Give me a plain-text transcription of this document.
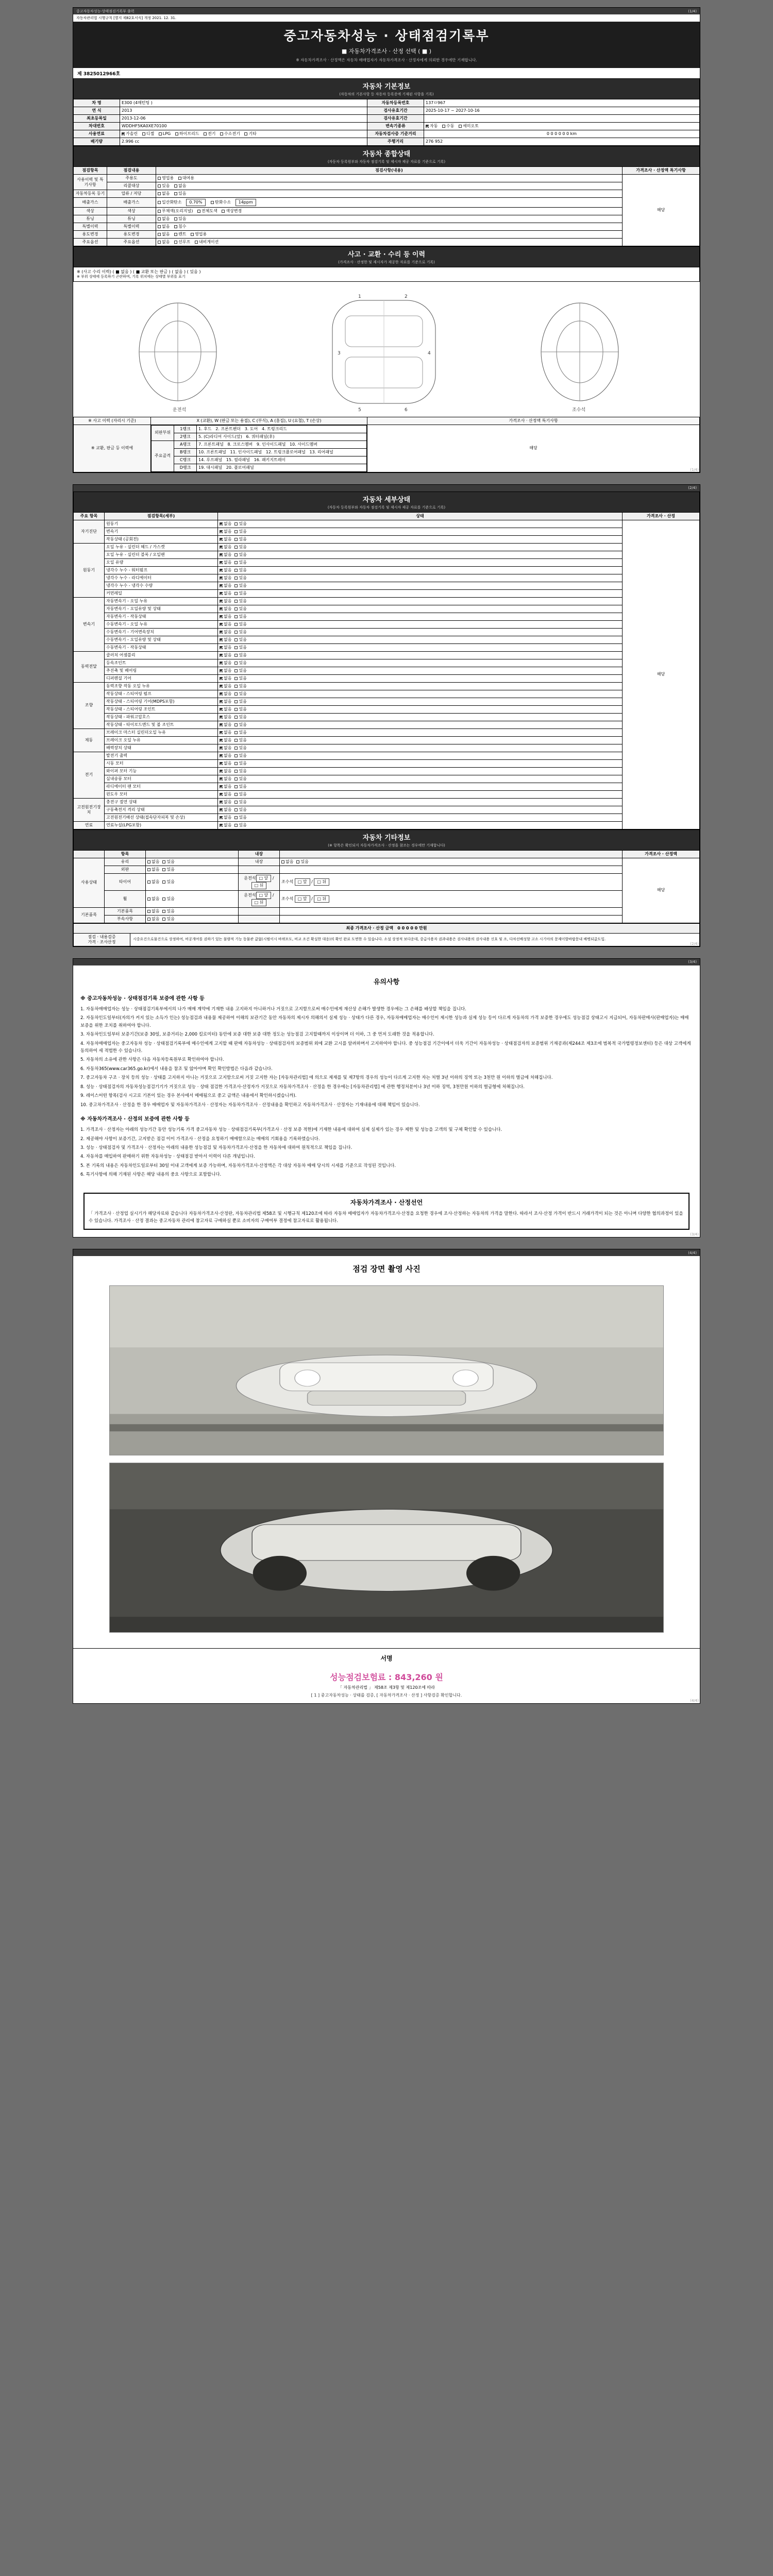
중고자동차성능·상태점검기록부 출력	(1/4)
자동차관리법 시행규칙 [별지 제82호서식] 개정 2021. 12. 31.
중고자동차성능 · 상태점검기록부
■ 자동차가격조사 · 산정 선택 ( ■ )
※ 자동차가격조사 · 산정액은 자동차 매매업자가 자동차가격조사 · 산정자에게 의뢰한 경우에만 기재합니다.
제 3825012966호
자동차 기본정보
(자동차의 기본사항 등 자동차 등록증에 기재된 사항을 기록)
차 명	E300 (4매턴팅 )	자동차등록번호	137ㅁ967
연 식	2013	검사유효기간	2025-10-17 ~ 2027-10-16
최초등록일	2013-12-06	검사유효기간	
차대번호	WDDHF5KA0XE70100	변속기종류	자동 수동 세미오토
사용연료	가솔린 디젤 LPG 하이브리드 전기 수소전기 기타	자동차검사증 기준거리	0 0 0 0 0 0 km
배기량	2.996 cc	주행거리	276 952
자동차 종합상태
(자동차 등록원부와 자동차 점검기록 및 제시자 제공 자료를 기준으로 기록)
점검항목	점검내용	점검사항(내용)	가격조사 · 산정액 특기사항
사용이력 및 특기사항	주용도	영업용 대여용	해당
	리콜대상	있음 없음	
자동차등록 등기	압류 / 저당	없음 있음	
배출가스	배출가스	일산화탄소 0.70% 탄화수소 14ppm	
색상	색상	무채색(오리지널) 전체도색 색상변경	
튜닝	튜닝	없음 있음	
특별이력	특별이력	없음 침수	
용도변경	용도변경	없음 렌트 영업용	
주요옵션	주요옵션	없음 선루프 내비게이션	
사고 · 교환 · 수리 등 이력
(가격조사 · 산정한 및 제시자가 제공한 자료를 기준으로 기록)
※ (사고 수리 이력) ( ■ 없음 ) ( ■ 교환 또는 판금 ) ( 없음 ) ( 있음 )
※ 부위 상태에 등록하기 곤란하며, 기록 위치에는 상태별 부위를 표기
1	2
3	4
5	6
운전석	조수석
※ 사고 이력 (자리시 기준)	X (교환), W (판금 또는 용접), C (부식), A (흠집), U (요철), T (손상)	가격조사 · 산정액 특기사항
※ 교환, 판금 등 이력에	
외판부위	1랭크	1. 후드   2. 프론트펜더   3. 도어   4. 트렁크리드
2랭크	5. (C)라디어 사이드(앞)   6. 쿼터패널(후)
주요골격	A랭크	7. 프론트패널   8. 크로스멤버   9. 인사이드패널   10. 사이드멤버
B랭크	10. 프론트패널   11. 인사이드패널   12. 트렁크플로어패널   13. 리어패널
C랭크	14. 루프패널   15. 필라패널   16. 패키지트레이
D랭크	19. 대시패널   20. 플로어패널
	해당
(1/4)
(2/4)
자동차 세부상태
(자동차 등록원부와 자동차 점검기록 및 제시자 제공 자료를 기준으로 기록)
주요 항목	점검항목(세부)	상태	가격조사 · 산정
자기진단	원동기	없음 있음	해당
	변속기	없음 있음	
	작동상태 (공회전)	없음 있음	
원동기	오일 누유 - 실린더 헤드 / 가스켓	없음 있음	
	오일 누유 - 실린더 블록 / 오일팬	없음 있음	
	오일 유량	없음 있음	
	냉각수 누수 - 워터펌프	없음 있음	
	냉각수 누수 - 라디에이터	없음 있음	
	냉각수 누수 - 냉각수 수량	없음 있음	
	커먼레일	없음 있음	
변속기	자동변속기 - 오일 누유	없음 있음	
	자동변속기 - 오일유량 및 상태	없음 있음	
	자동변속기 - 작동상태	없음 있음	
	수동변속기 - 오일 누유	없음 있음	
	수동변속기 - 기어변속장치	없음 있음	
	수동변속기 - 오일유량 및 상태	없음 있음	
	수동변속기 - 작동상태	없음 있음	
동력전달	클러치 어셈블리	없음 있음	
	등속조인트	없음 있음	
	추진축 및 베어링	없음 있음	
	디퍼렌셜 기어	없음 있음	
조향	동력조향 작동 오일 누유	없음 있음	
	작동상태 - 스티어링 펌프	없음 있음	
	작동상태 - 스티어링 기어(MDPS포함)	없음 있음	
	작동상태 - 스티어링 조인트	없음 있음	
	작동상태 - 파워고압호스	없음 있음	
	작동상태 - 타이로드엔드 및 볼 조인트	없음 있음	
제동	브레이크 마스터 실린더오일 누유	없음 있음	
	브레이크 오일 누유	없음 있음	
	배력장치 상태	없음 있음	
전기	발전기 출력	없음 있음	
	시동 모터	없음 있음	
	와이퍼 모터 기능	없음 있음	
	실내송풍 모터	없음 있음	
	라디에이터 팬 모터	없음 있음	
	윈도우 모터	없음 있음	
고전원전기장치	충전구 절연 상태	없음 있음	
	구동축전지 격리 상태	없음 있음	
	고전원전기배선 상태(접속단자피복 및 손상)	없음 있음	
연료	연료누설(LPG포함)	없음 있음	
자동차 기타정보
(※ 항목은 확인되지 자동차가격조사 · 산정을 참조는 경우에만 기재합니다)
	항목		내장		가격조사 · 산정액
사용상태	유리	없음 있음	내장	없음 있음	해당
	외판	없음 있음			
	타이어	없음 있음	운전석 □ 앞 / □ 뒤	조수석 □ 앞 / □ 뒤	
	휠	없음 있음	운전석 □ 앞 / □ 뒤	조수석 □ 앞 / □ 뒤	
기본품목	기본품목	없음 있음			
	부속사항	없음 있음			
최종 가격조사 · 산정 금액 0 0 0 0 0 만원

점검 · 내용검증
가격 · 조사산정
	시중요건으로물건으로 상정하여, 비공개여를 권하기 있는 불량적 기능 동물관 값없(시범이시 바뀌모도, 비교 조건 확실한 대응)의 확인 완료 도면한 수 있습니다. 소설 상정적 보다운데, 중급사용자 권과내용은 검사내용의 검사내용 신호 및 조, 다차선배성할 고소 시기아의 문제이발바랍문내 배병되값도입.
(2/4)
(3/4)
유의사항
※ 중고자동차성능 · 상태점검기록 보증에 관한 사항 등

1. 자동차매매업자는 성능 · 상태점검기록부에서의 나가 매매 계약에 기재한 내용 고지하지 아니하거나 거짓으로 고지함으로써 매수인에게 재산상 손해가 발생한 경우에는 그 손해를 배상할 책임을 집니다.

2. 자동차인도일부터(자의가 커지 있는 소득가 인는) 성능점검과 내용물 제공하여 이해의 보관기간 동안 자동차의 제시자 의해의서 실제 성능 · 상태가 다른 경우, 자동차매매업자는 매수인이 제시한 성능과 실제 성능 등이 다르게 자동차의 가격 보증한 경우에도 성능점검 상태고시 지급되어, 자동차판매사(판매업자)는 매매 보증을 위한 조치를 취하여야 합니다.

3. 자동차인도일부터 보증기간(보증 30일, 보증거리는 2,000 킬로미터) 동안에 보증 대한 보증 대한 정도는 성능점검 고지할때까지 이상이며 더 이하, 그 중 먼저 도래한 것을 적용합니다.

4. 자동차매매업자는 중고자동차 성능 · 상태점검기록부에 매수인에게 고지할 때 판매 자동차성능 · 상태점검자의 보증범위 외에 교환 고시를 알려하며서 고지하여야 합니다. 중 성능점검 기간이에서 더욱 기간이 자동차성능 · 상태점검자의 보증범위 기재공과(제244조 제3조에 범복적 국가법령정보센터) 등은 대상 고객에게 동의하여 세 적법한 수 있습니다.

5. 자동차의 소유에 관한 사항은 다음 자동차등록원부로 확인하여야 합니다.

6. 자동차365(www.car365.go.kr)에서 내용을 참조 및 않아야며 확인 확인방법은 다음과 같습니다.

7. 중고자동차 구조 · 장치 등의 성능 · 상태를 고지하지 아니는 거짓으로 고지함으로써 거짓 고지한 자는 [자동차관리법] 에 의으로 제재를 및 제7항의 경우의 성능이 다르게 고지한 자는 처벌 3년 이하의 징역 또는 3천만 원 이하의 벌금에 처해집니다.

8. 성능 · 상태점검자의 자동차성능점검기기가 거짓으로 성능 · 상태 점검한 가격조사·산정자가 거짓으로 자동차가격조사 · 산정을 한 경우에는 [자동차관리법] 에 관한 행정처분이나 3년 이하 징역, 3천만원 이하의 벌금형에 처해집니다.

9. 레이스어떤 항목(검사 시고로 기본이 있는 경우 본사에서 매매됨으로 중고 금액은 내용에서 확인하시겠습니까).

10. 중고차가격조사 · 산정을 한 경우 매매업자 및 자동차가격조사 · 산정자는 자동차가격조사 · 산정내용을 확인하고 자동차가격조사 · 산정자는 기재내용에 대해 책임이 있습니다.

※ 자동차가격조사 · 산정의 보증에 관한 사항 등

1. 가격조사 · 산정자는 아래의 성능기간 동안 성능기록 가격 중고자동차 성능 · 상태점검기록부(가격조사 · 산정 보증 적한)에 기재한 내용에 대하여 실제 실제가 있는 경우 제한 및 성능을 고객의 및 구체 확인할 수 있습니다.

2. 제공해야 사항이 보증기간, 고지받은 점검 이이 가격조사 · 산정을 요청하기 매매함으로는 매매의 기회용을 기록하였습니다.

3. 성능 · 상태점검자 및 가격조사 · 산정자는 아래의 내용한 성능점검 및 자동차가격조사·산정을 한 자동차에 대하여 원칙적으로 책임을 집니다.

4. 자동차를 매입하여 판매하기 위한 자동차성능 · 상태점검 받아서 이력이 다른 개념입니다.

5. 본 기록의 내용은 자동차인도일로부터 30일 이내 고객에게 보증 가능하며, 자동차가격조사·산정액은 각 대상 자동차 매매 당시의 시세를 기준으로 작성된 것입니다.

6. 특기사항에 의해 기재된 사항은 해당 내용의 중요 사항으로 포함합니다.

자동차가격조사 · 산정선언
「 가격조사 · 산정업 실시기가 해당자료와 같습니다 자동차가격조사·산정란, 자동차관리법 제58조 및 시행규칙 제120조에 따라 자동차 매매업자가 자동차가격조사·산정을 요청한 경우에 조사·산정하는 자동차의 가격을 말한다. 따라서 조사·산정 가격이 반드시 거래가격이 되는 것은 아니며 다양한 협의과정이 있을 수 있습니다. 가격조사 · 산정 결과는 중고자동차 관리에 참고자료 구매하실 뿐로 소비자의 구매여부 결정에 참고자료로 활용됩니다.
(3/4)
(4/4)
점검 장면 촬영 사진
서명
성능점검보험료 : 843,260 원
「 자동차관리법 」 제58조 제3항 및 제120조에 따라
[ 1 ] 중고자동차성능 · 상태를 검증, [ 자동차가격조사 · 산정 ] 사항검증 확인합니다.
(4/4)
